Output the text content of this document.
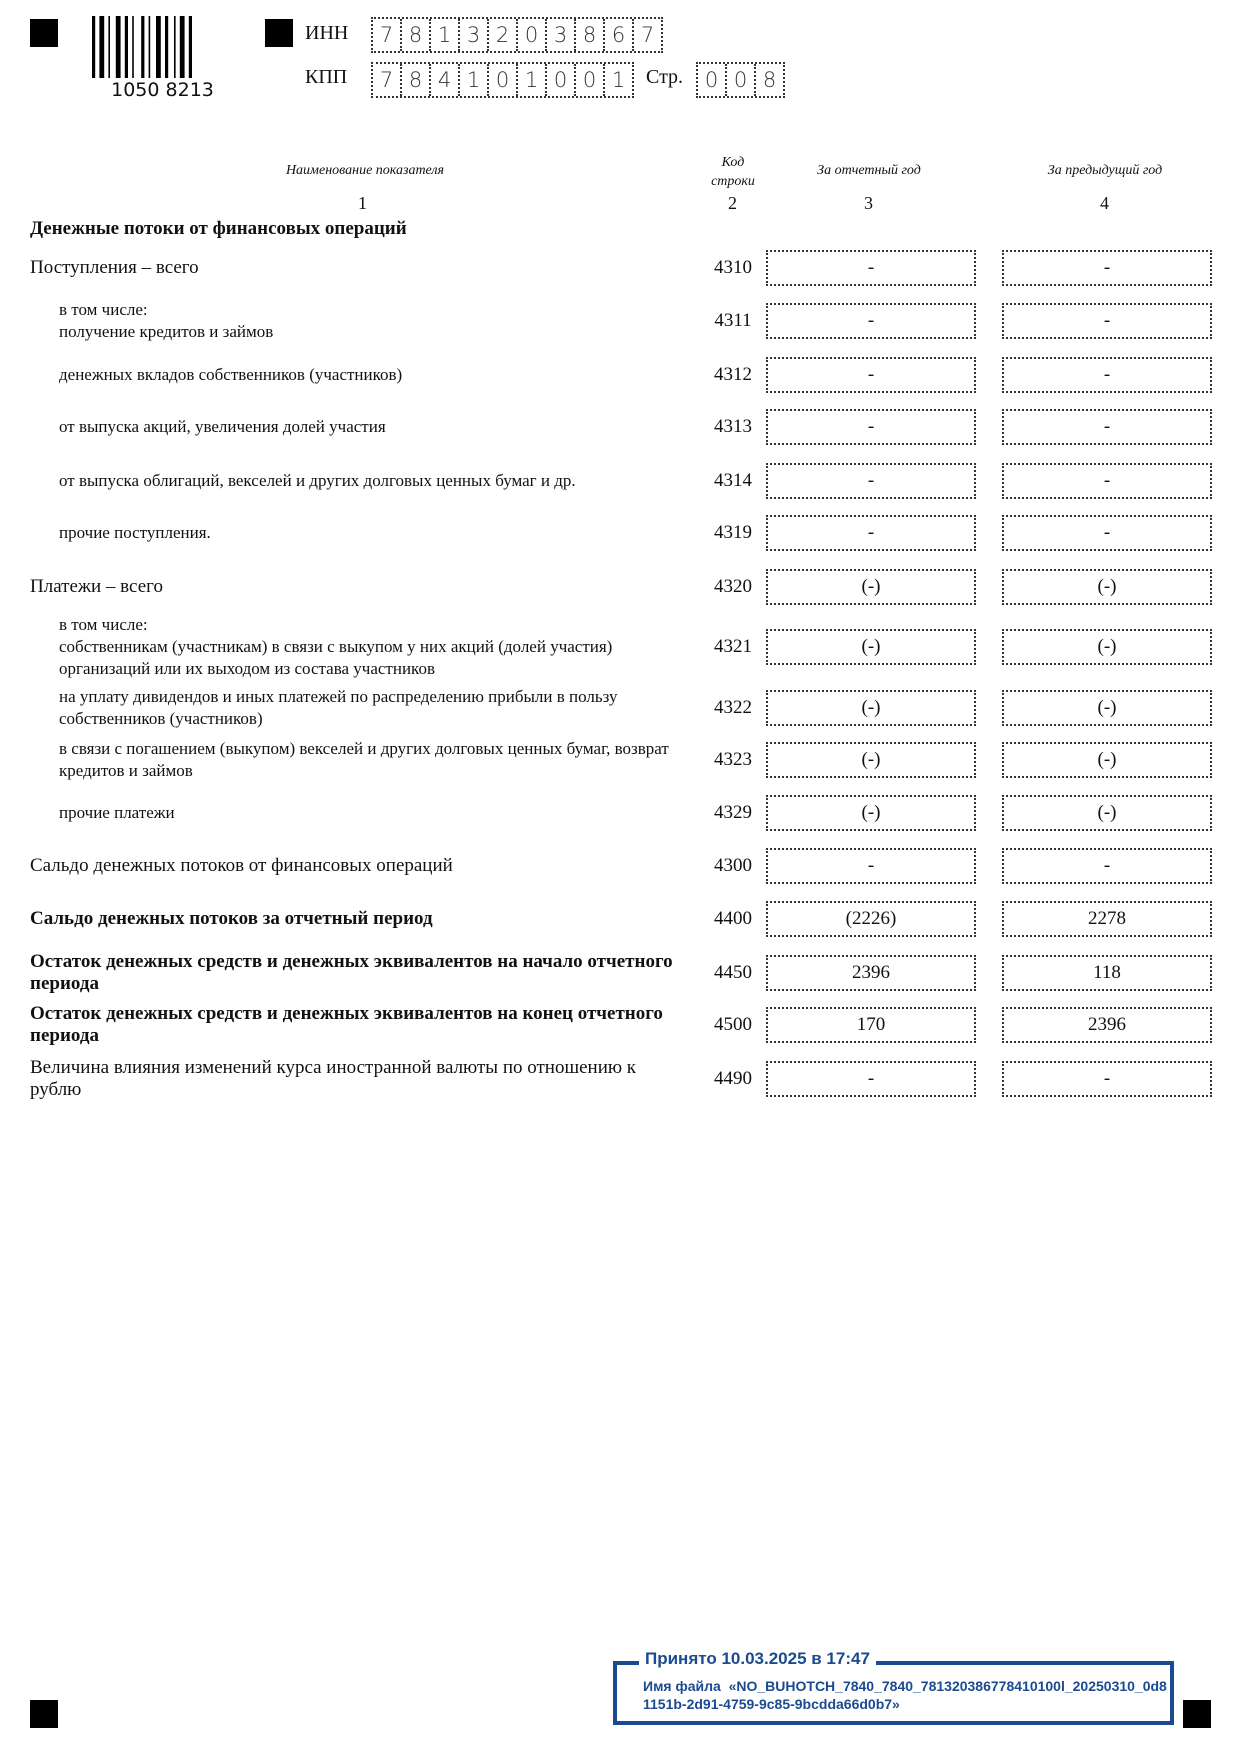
1050 8213
ИНН	7 8 1 3 2 0 3 8 6 7
КПП	7 8 4 1 0 1 0 0 1	Стр.	0 0 8
Наименование показателя
Код строки
За отчетный год	За предыдущий год
1	2	3	4
Денежные потоки от финансовых операций
Поступления – всего	4310	-	-
в том числе:
получение кредитов и займов
4311	-	-
денежных вкладов собственников (участников)	4312	-	-
от выпуска акций, увеличения долей участия	4313	-	-
от выпуска облигаций, векселей и других долговых ценных бумаг и др.	4314	-	-
прочие поступления.	4319	-	-
Платежи – всего	4320	(-)	(-)
в том числе:
собственникам (участникам) в связи с выкупом у них акций (долей участия) организаций или их выходом из состава участников
4321	(-)	(-)
на уплату дивидендов и иных платежей по распределению прибыли в пользу собственников (участников)
4322	(-)	(-)
в связи с погашением (выкупом) векселей и других долговых ценных бумаг, возврат кредитов и займов
4323	(-)	(-)
прочие платежи	4329	(-)	(-)
Сальдо денежных потоков от финансовых операций	4300	-	-
Сальдо денежных потоков за отчетный период	4400	(2226)	2278
Остаток денежных средств и денежных эквивалентов на начало отчетного периода
4450	2396	118
Остаток денежных средств и денежных эквивалентов на конец отчетного периода
4500	170	2396
Величина влияния изменений курса иностранной валюты по отношению к рублю
4490	-	-
Принято 10.03.2025 в 17:47
Имя файла «NO_BUHOTCH_7840_7840_781320386778410100l_20250310_0d81151b-2d91-4759-9c85-9bcdda66d0b7»
